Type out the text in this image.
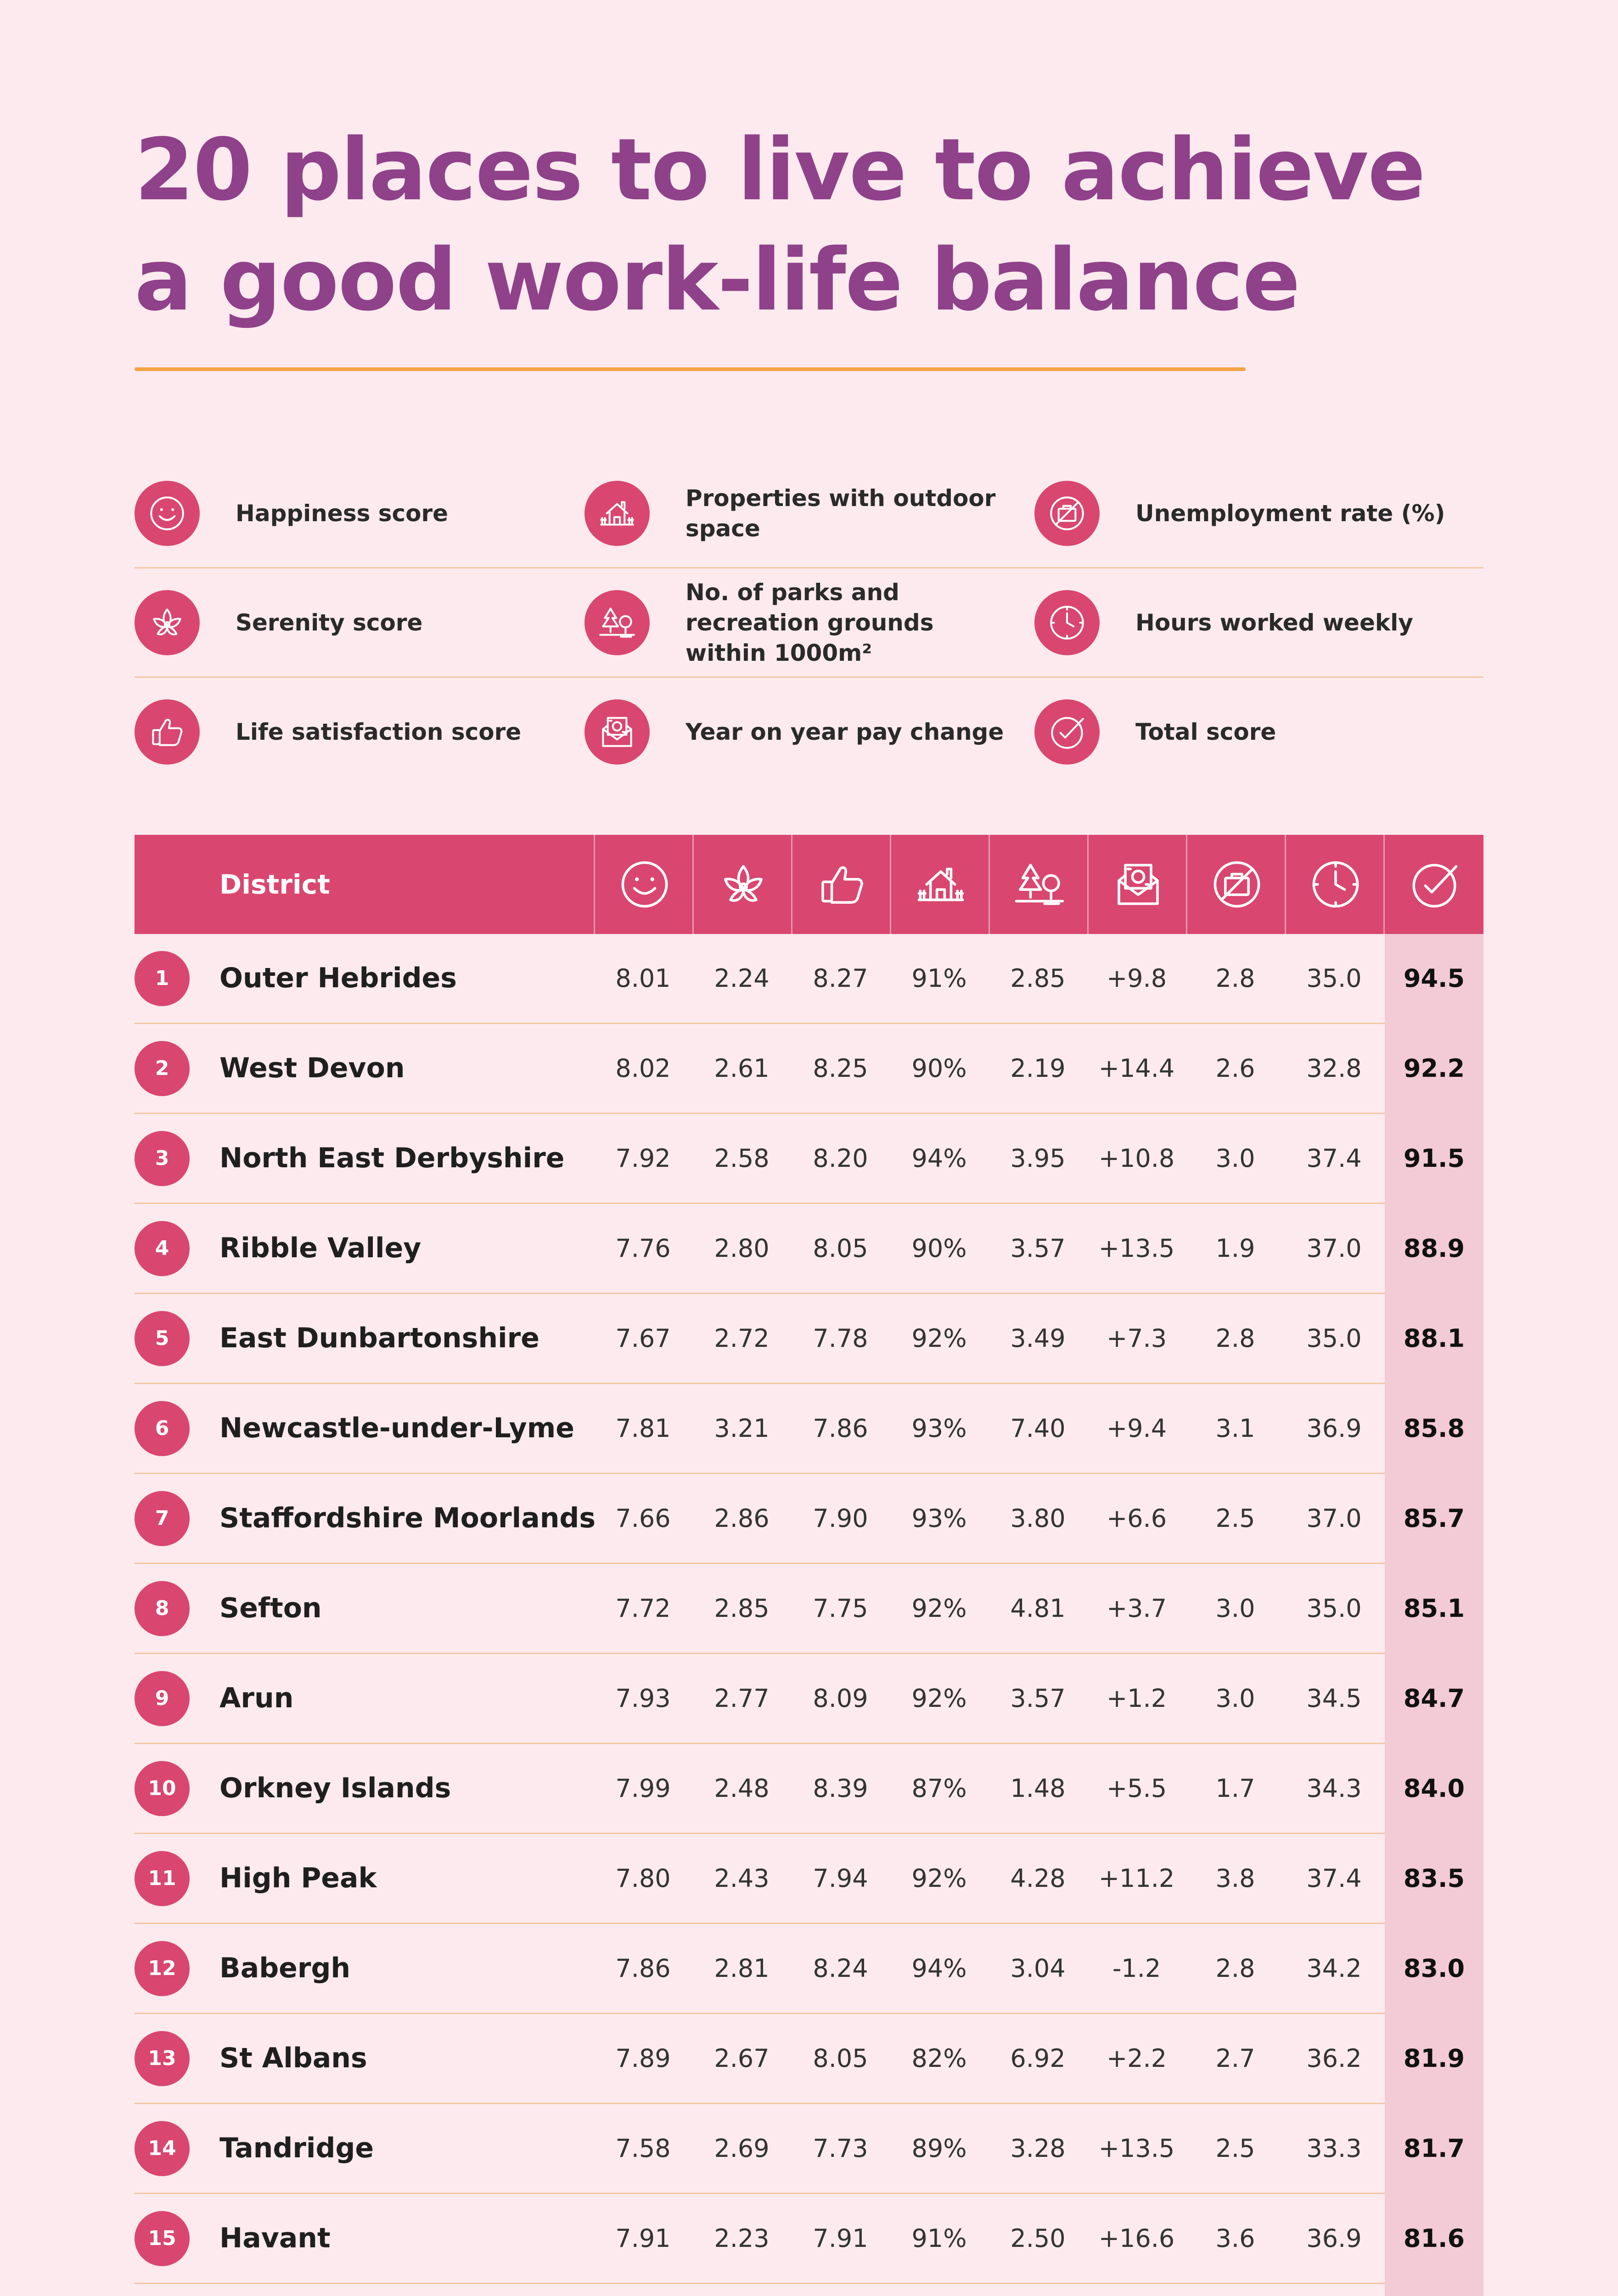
20 places to live to achieve
a good work-life balance
Happiness score
Properties with outdoor space
Unemployment rate (%)
Serenity score
No. of parks and recreation grounds within 1000m²
Hours worked weekly
Life satisfaction score	Year on year pay change	Total score
District
1	Outer Hebrides	8.01	2.24	8.27	91%	2.85	+9.8	2.8	35.0	94.5
2	West Devon	8.02	2.61	8.25	90%	2.19	+14.4	2.6	32.8	92.2
3	North East Derbyshire	7.92	2.58	8.20	94%	3.95	+10.8	3.0	37.4	91.5
4	Ribble Valley	7.76	2.80	8.05	90%	3.57	+13.5	1.9	37.0	88.9
5	East Dunbartonshire	7.67	2.72	7.78	92%	3.49	+7.3	2.8	35.0	88.1
6	Newcastle-under-Lyme	7.81	3.21	7.86	93%	7.40	+9.4	3.1	36.9	85.8
7	Staffordshire Moorlands 7.66	2.86	7.90	93%	3.80	+6.6	2.5	37.0	85.7
8	Sefton	7.72	2.85	7.75	92%	4.81	+3.7	3.0	35.0	85.1
9	Arun	7.93	2.77	8.09	92%	3.57	+1.2	3.0	34.5	84.7
10	Orkney Islands	7.99	2.48	8.39	87%	1.48	+5.5	1.7	34.3	84.0
11	High Peak	7.80	2.43	7.94	92%	4.28	+11.2	3.8	37.4	83.5
12	Babergh	7.86	2.81	8.24	94%	3.04	-1.2	2.8	34.2	83.0
13	St Albans	7.89	2.67	8.05	82%	6.92	+2.2	2.7	36.2	81.9
14	Tandridge	7.58	2.69	7.73	89%	3.28	+13.5	2.5	33.3	81.7
15	Havant	7.91	2.23	7.91	91%	2.50	+16.6	3.6	36.9	81.6
